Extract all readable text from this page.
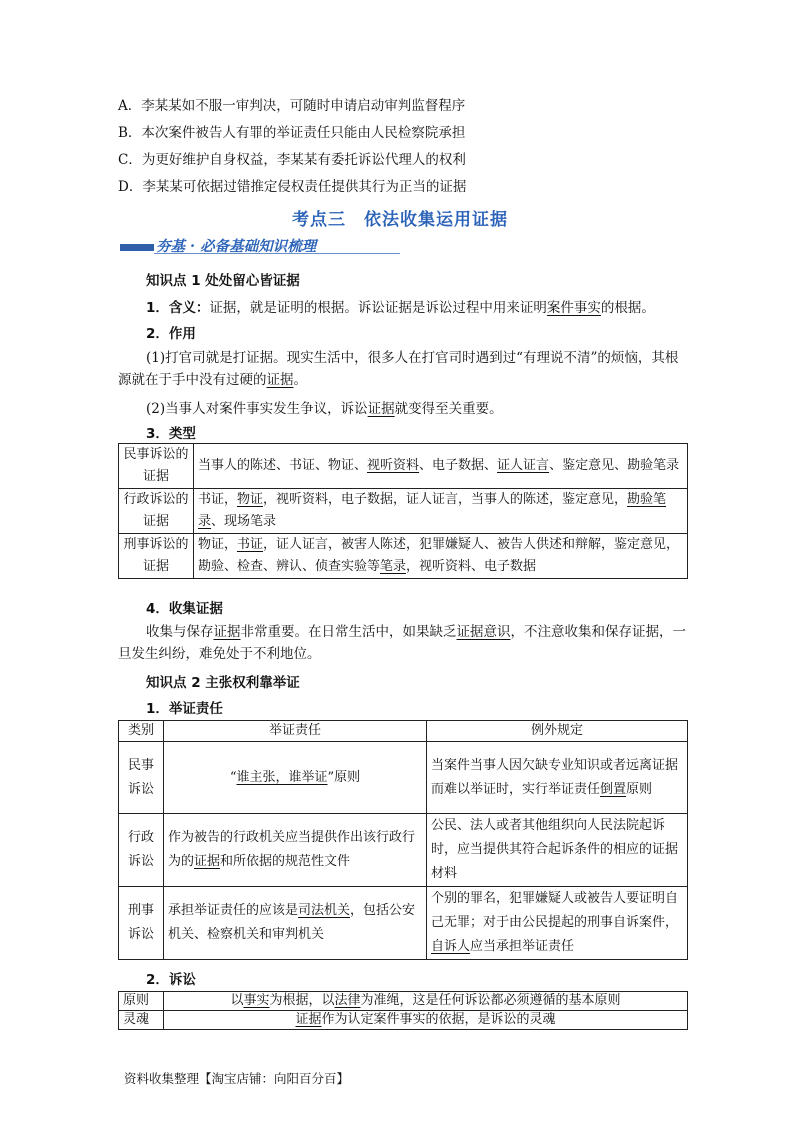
A．李某某如不服一审判决，可随时申请启动审判监督程序
B．本次案件被告人有罪的举证责任只能由人民检察院承担
C．为更好维护自身权益，李某某有委托诉讼代理人的权利
D．李某某可依据过错推定侵权责任提供其行为正当的证据
考点三　依法收集运用证据
夯基 · 必备基础知识梳理
知识点 1 处处留心皆证据
1．含义：证据，就是证明的根据。诉讼证据是诉讼过程中用来证明案件事实的根据。
2．作用
(1)打官司就是打证据。现实生活中，很多人在打官司时遇到过“有理说不清”的烦恼，其根源就在于手中没有过硬的证据。
(2)当事人对案件事实发生争议，诉讼证据就变得至关重要。
3．类型
民事诉讼的证据	当事人的陈述、书证、物证、视听资料、电子数据、证人证言、鉴定意见、勘验笔录
行政诉讼的证据	书证，物证，视听资料，电子数据，证人证言，当事人的陈述，鉴定意见，勘验笔录、现场笔录
刑事诉讼的证据	物证，书证，证人证言，被害人陈述，犯罪嫌疑人、被告人供述和辩解，鉴定意见，勘验、检查、辨认、侦查实验等笔录，视听资料、电子数据
4．收集证据
收集与保存证据非常重要。在日常生活中，如果缺乏证据意识，不注意收集和保存证据，一旦发生纠纷，难免处于不利地位。
知识点 2 主张权利靠举证
1．举证责任
类别	举证责任	例外规定
民事诉讼	“谁主张，谁举证”原则	当案件当事人因欠缺专业知识或者远离证据而难以举证时，实行举证责任倒置原则
行政诉讼	作为被告的行政机关应当提供作出该行政行为的证据和所依据的规范性文件	公民、法人或者其他组织向人民法院起诉时，应当提供其符合起诉条件的相应的证据材料
刑事诉讼	承担举证责任的应该是司法机关，包括公安机关、检察机关和审判机关	个别的罪名，犯罪嫌疑人或被告人要证明自己无罪；对于由公民提起的刑事自诉案件，自诉人应当承担举证责任
2．诉讼
原则	以事实为根据，以法律为准绳，这是任何诉讼都必须遵循的基本原则
灵魂	证据作为认定案件事实的依据，是诉讼的灵魂
资料收集整理【淘宝店铺：向阳百分百】
